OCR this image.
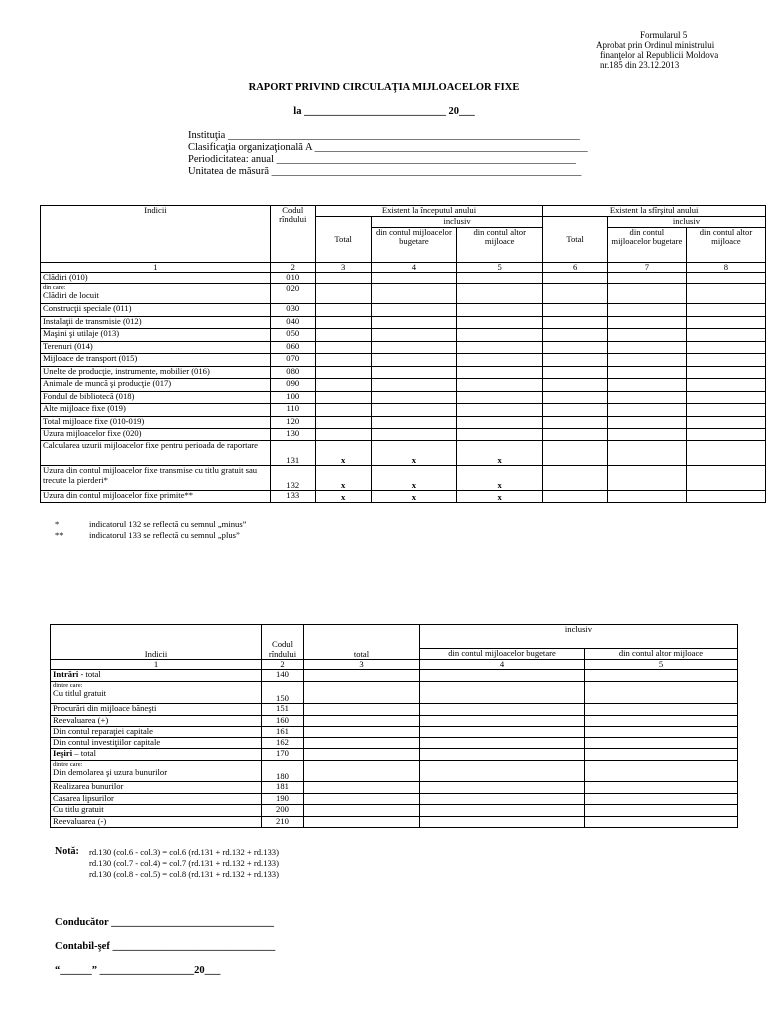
Formularul 5
Aprobat prin Ordinul ministrului
finanţelor al Republicii Moldova
nr.185 din 23.12.2013
RAPORT PRIVIND CIRCULAŢIA MIJLOACELOR FIXE
la ___________________________ 20___
Instituţia ___________________________________________________________________
Clasificaţia organizaţională A ____________________________________________________
Periodicitatea: anual _________________________________________________________
Unitatea de măsură ___________________________________________________________
Indicii	Codul rîndului	Existent la începutul anului			Existent la sfîrşitul anului		
		Total	inclusiv		Total	inclusiv	
			din contul mijloacelor bugetare	din contul altor mijloace		din contul mijloacelor bugetare	din contul altor mijloace
1	2	3	4	5	6	7	8
Clădiri (010)	010						

din care:
Clădiri de locuit	020						
Construcţii speciale (011)	030						
Instalaţii de transmisie (012)	040						
Maşini şi utilaje (013)	050						
Terenuri (014)	060						
Mijloace de transport (015)	070						
Unelte de producţie, instrumente, mobilier (016)	080						
Animale de muncă şi producţie (017)	090						
Fondul de bibliotecă (018)	100						
Alte mijloace fixe (019)	110						
Total mijloace fixe (010-019)	120						
Uzura mijloacelor fixe (020)	130						
Calcularea uzurii mijloacelor fixe pentru perioada de raportare	131	x	x	x			
Uzura din contul mijloacelor fixe transmise cu titlu gratuit sau trecute la pierderi*	132	x	x	x			
Uzura din contul mijloacelor fixe primite**	133	x	x	x			
*	indicatorul 132 se reflectă cu semnul „minus”
**	indicatorul 133 se reflectă cu semnul „plus”
Indicii	Codul rîndului	total	inclusiv	
			din contul mijloacelor bugetare	din contul altor mijloace
1	2	3	4	5
Intrări - total	140			

dintre care:
Cu titlul gratuit	150			
Procurări din mijloace băneşti	151			
Reevaluarea (+)	160			
Din contul reparaţiei capitale	161			
Din contul investiţiilor capitale	162			
Ieşiri – total	170			

dintre care:
Din demolarea şi uzura bunurilor	180			
Realizarea bunurilor	181			
Casarea lipsurilor	190			
Cu titlu gratuit	200			
Reevaluarea (-)	210			
Notă: rd.130 (col.6 - col.3) = col.6 (rd.131 + rd.132 + rd.133)
rd.130 (col.7 - col.4) = col.7 (rd.131 + rd.132 + rd.133)
rd.130 (col.8 - col.5) = col.8 (rd.131 + rd.132 + rd.133)
Conducător _______________________________
Contabil-şef _______________________________
“______” __________________20___
